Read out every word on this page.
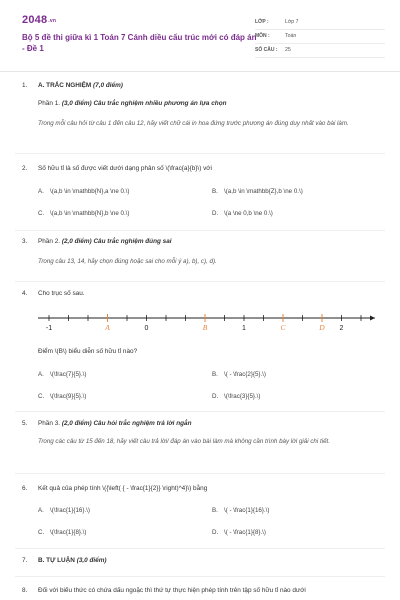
2048.vn
Bộ 5 đề thi giữa kì 1 Toán 7 Cánh diều cấu trúc mới có đáp án - Đề 1
LỚP :	Lớp 7
MÔN :	Toán
SỐ CÂU :	25
1. A. TRẮC NGHIỆM (7,0 điểm)
Phần 1. (3,0 điểm) Câu trắc nghiệm nhiều phương án lựa chọn
Trong mỗi câu hỏi từ câu 1 đến câu 12, hãy viết chữ cái in hoa đứng trước phương án đúng duy nhất vào bài làm.
2. Số hữu tỉ là số được viết dưới dạng phân số \(\frac{a}{b}\) với
A. \(a,b \in \mathbb{N},a \ne 0.\)	B. \(a,b \in \mathbb{Z},b \ne 0.\)
C. \(a,b \in \mathbb{N},b \ne 0.\)	D. \(a \ne 0,b \ne 0.\)
3. Phần 2. (2,0 điểm) Câu trắc nghiệm đúng sai
Trong câu 13, 14, hãy chọn đúng hoặc sai cho mỗi ý a), b), c), d).
4. Cho trục số sau.
-1	0	1	2
A	B	C	D
Điểm \(B\) biểu diễn số hữu tỉ nào?
A. \(\frac{7}{5}.\)	B. \( - \frac{2}{5}.\)
C. \(\frac{9}{5}.\)	D. \(\frac{3}{5}.\)
5. Phần 3. (2,0 điểm) Câu hỏi trắc nghiệm trả lời ngắn
Trong các câu từ 15 đến 18, hãy viết câu trả lời/ đáp án vào bài làm mà không cần trình bày lời giải chi tiết.
6. Kết quả của phép tính \({\left( { - \frac{1}{2}} \right)^4}\) bằng
A. \(\frac{1}{16}.\)	B. \( - \frac{1}{16}.\)
C. \(\frac{1}{8}.\)	D. \( - \frac{1}{8}.\)
7. B. TỰ LUẬN (3,0 điểm)
8. Đối với biểu thức có chứa dấu ngoặc thì thứ tự thực hiện phép tính trên tập số hữu tỉ nào dưới
